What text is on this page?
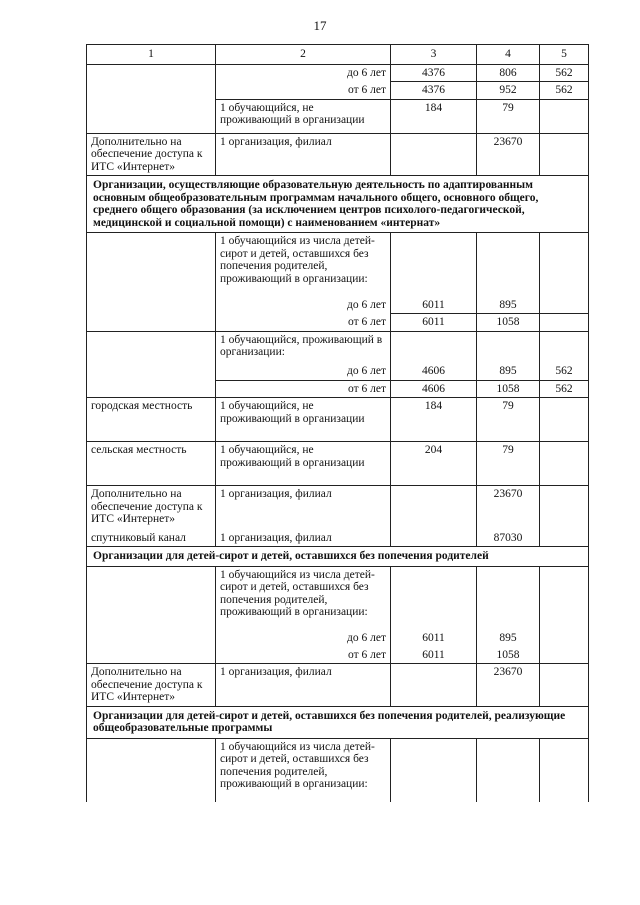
17
1	2	3	4	5
	до 6 лет	4376	806	562
	от 6 лет	4376	952	562
	1 обучающийся, не проживающий в организации	184	79	
Дополнительно на обеспечение доступа к ИТС «Интернет»	1 организация, филиал		23670	
Организации, осуществляющие образовательную деятельность по адаптированным основным общеобразовательным программам начального общего, основного общего, среднего общего образования (за исключением центров психолого-педагогической, медицинской и социальной помощи) с наименованием «интернат»				
	1 обучающийся из числа детей-сирот и детей, оставшихся без попечения родителей, проживающий в организации:			
	до 6 лет	6011	895	
	от 6 лет	6011	1058	
	1 обучающийся, проживающий в организации:			
	до 6 лет	4606	895	562
	от 6 лет	4606	1058	562
городская местность	1 обучающийся, не проживающий в организации	184	79	
сельская местность	1 обучающийся, не проживающий в организации	204	79	
Дополнительно на обеспечение доступа к ИТС «Интернет»	1 организация, филиал		23670	
спутниковый канал	1 организация, филиал		87030	
Организации для детей-сирот и детей, оставшихся без попечения родителей				
	1 обучающийся из числа детей-сирот и детей, оставшихся без попечения родителей, проживающий в организации:			
	до 6 лет	6011	895	
	от 6 лет	6011	1058	
Дополнительно на обеспечение доступа к ИТС «Интернет»	1 организация, филиал		23670	
Организации для детей-сирот и детей, оставшихся без попечения родителей, реализующие общеобразовательные программы				
	1 обучающийся из числа детей-сирот и детей, оставшихся без попечения родителей, проживающий в организации:			
